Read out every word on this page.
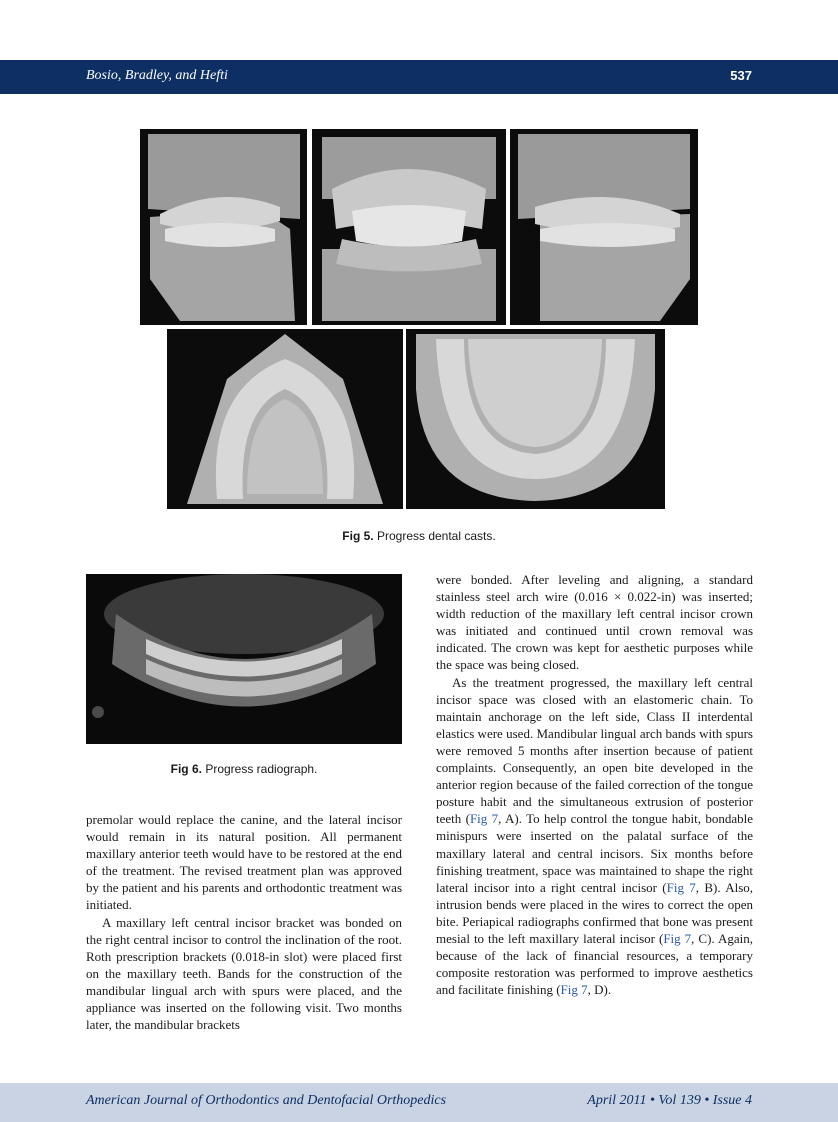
Bosio, Bradley, and Hefti	537
Fig 5. Progress dental casts.
Fig 6. Progress radiograph.

premolar would replace the canine, and the lateral incisor would remain in its natural position. All permanent maxillary anterior teeth would have to be restored at the end of the treatment. The revised treatment plan was approved by the patient and his parents and orthodontic treatment was initiated.

A maxillary left central incisor bracket was bonded on the right central incisor to control the inclination of the root. Roth prescription brackets (0.018-in slot) were placed first on the maxillary teeth. Bands for the construction of the mandibular lingual arch with spurs were placed, and the appliance was inserted on the following visit. Two months later, the mandibular brackets

were bonded. After leveling and aligning, a standard stainless steel arch wire (0.016 × 0.022-in) was inserted; width reduction of the maxillary left central incisor crown was initiated and continued until crown removal was indicated. The crown was kept for aesthetic purposes while the space was being closed.

As the treatment progressed, the maxillary left central incisor space was closed with an elastomeric chain. To maintain anchorage on the left side, Class II interdental elastics were used. Mandibular lingual arch bands with spurs were removed 5 months after insertion because of patient complaints. Consequently, an open bite developed in the anterior region because of the failed correction of the tongue posture habit and the simultaneous extrusion of posterior teeth (Fig 7, A). To help control the tongue habit, bondable minispurs were inserted on the palatal surface of the maxillary lateral and central incisors. Six months before finishing treatment, space was maintained to shape the right lateral incisor into a right central incisor (Fig 7, B). Also, intrusion bends were placed in the wires to correct the open bite. Periapical radiographs confirmed that bone was present mesial to the left maxillary lateral incisor (Fig 7, C). Again, because of the lack of financial resources, a temporary composite restoration was performed to improve aesthetics and facilitate finishing (Fig 7, D).

American Journal of Orthodontics and Dentofacial Orthopedics	April 2011 • Vol 139 • Issue 4
